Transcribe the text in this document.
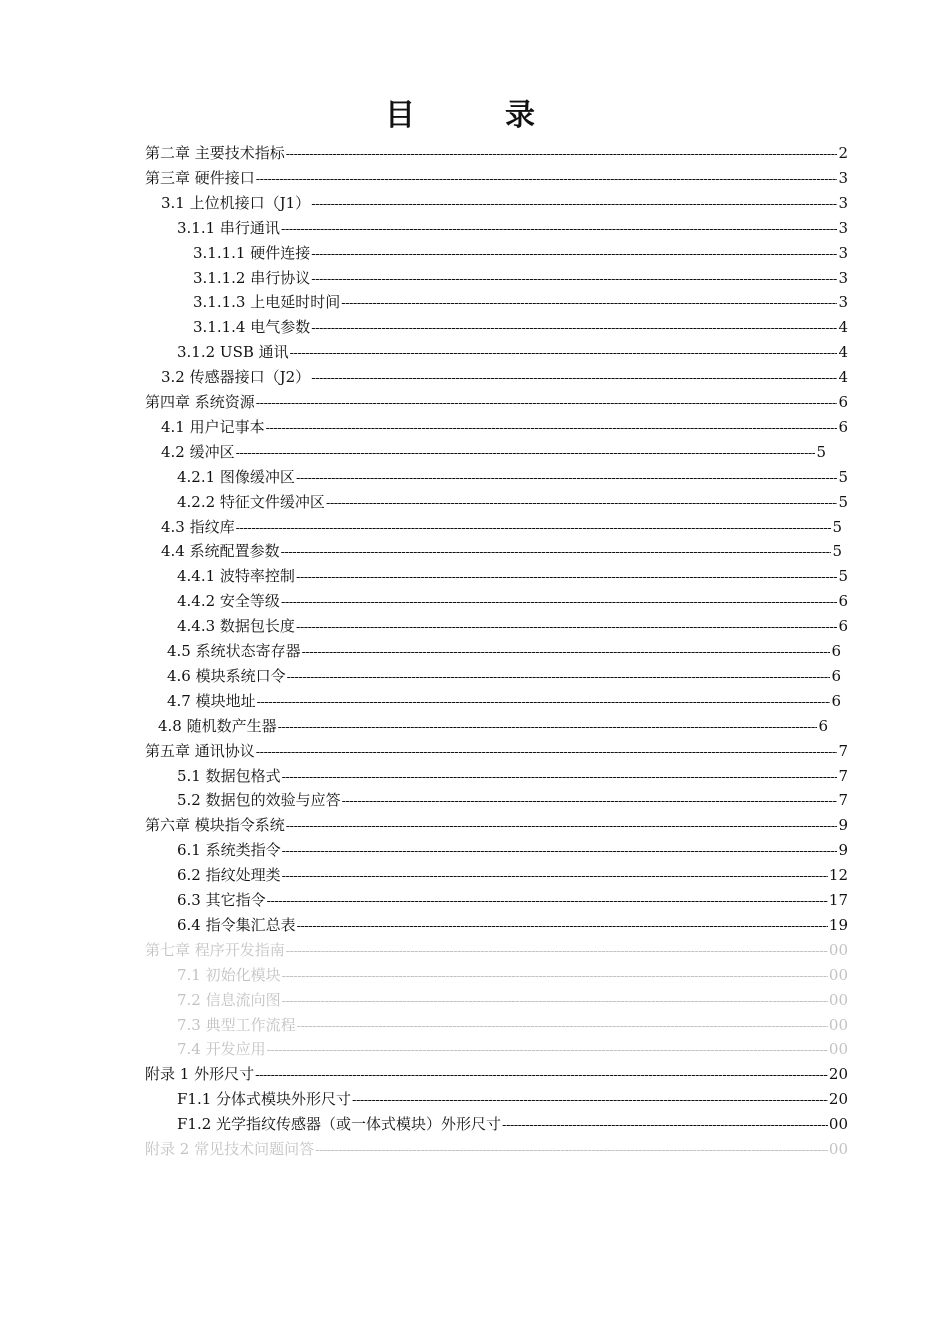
目　录
第二章 主要技术指标 -----	2
第三章 硬件接口 -----	3
3.1 上位机接口（J1） -----	3
3.1.1 串行通讯 -----	3
3.1.1.1 硬件连接 -----	3
3.1.1.2 串行协议 -----	3
3.1.1.3 上电延时时间 -----	3
3.1.1.4 电气参数 -----	4
3.1.2 USB 通讯 -----	4
3.2 传感器接口（J2） -----	4
第四章 系统资源 -----	6
4.1 用户记事本 -----	6
4.2 缓冲区 -----	5
4.2.1 图像缓冲区 -----	5
4.2.2 特征文件缓冲区 -----	5
4.3 指纹库 -----	5
4.4 系统配置参数 -----	5
4.4.1 波特率控制 -----	5
4.4.2 安全等级 -----	6
4.4.3 数据包长度 -----	6
4.5 系统状态寄存器 -----	6
4.6 模块系统口令 -----	6
4.7 模块地址 -----	6
4.8 随机数产生器 -----	6
第五章 通讯协议 -----	7
5.1 数据包格式 -----	7
5.2 数据包的效验与应答 -----	7
第六章 模块指令系统 -----	9
6.1 系统类指令 -----	9
6.2 指纹处理类 -----	12
6.3 其它指令 -----	17
6.4 指令集汇总表 -----	19
第七章 程序开发指南 -----	00
7.1 初始化模块 -----	00
7.2 信息流向图 -----	00
7.3 典型工作流程 -----	00
7.4 开发应用 -----	00
附录 1 外形尺寸 -----	20
F1.1 分体式模块外形尺寸 -----	20
F1.2 光学指纹传感器（或一体式模块）外形尺寸 -----	00
附录 2 常见技术问题问答 -----	00
